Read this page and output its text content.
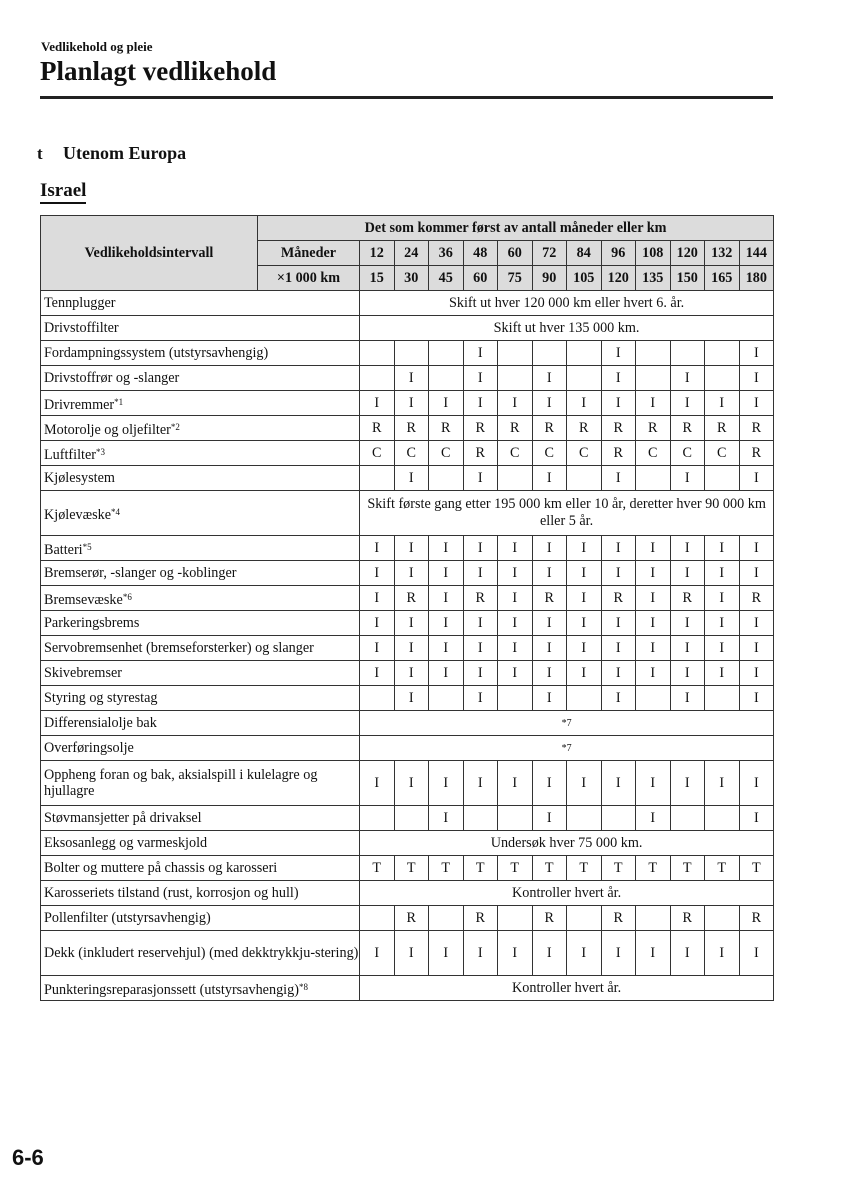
Vedlikehold og pleie
Planlagt vedlikehold
t	Utenom Europa
Israel
Vedlikeholdsintervall	Det som kommer først av antall måneder eller km												
	Måneder	12	24	36	48	60	72	84	96	108	120	132	144
	×1 000 km	15	30	45	60	75	90	105	120	135	150	165	180
Tennplugger		Skift ut hver 120 000 km eller hvert 6. år.											
Drivstoffilter		Skift ut hver 135 000 km.											
Fordampningssystem (utstyrsavhengig)					I				I				I
Drivstoffrør og -slanger			I		I		I		I		I		I
Drivremmer$^{*1}$		I	I	I	I	I	I	I	I	I	I	I	I
Motorolje og oljefilter$^{*2}$		R	R	R	R	R	R	R	R	R	R	R	R
Luftfilter$^{*3}$		C	C	C	R	C	C	C	R	C	C	C	R
Kjølesystem			I		I		I		I		I		I
Kjølevæske$^{*4}$		Skift første gang etter 195 000 km eller 10 år, deretter hver 90 000 km eller 5 år.											
Batteri$^{*5}$		I	I	I	I	I	I	I	I	I	I	I	I
Bremserør, -slanger og -koblinger		I	I	I	I	I	I	I	I	I	I	I	I
Bremsevæske$^{*6}$		I	R	I	R	I	R	I	R	I	R	I	R
Parkeringsbrems		I	I	I	I	I	I	I	I	I	I	I	I
Servobremsenhet (bremseforsterker) og slanger		I	I	I	I	I	I	I	I	I	I	I	I
Skivebremser		I	I	I	I	I	I	I	I	I	I	I	I
Styring og styrestag			I		I		I		I		I		I
Differensialolje bak		*7											
Overføringsolje		*7											
Oppheng foran og bak, aksialspill i kulelagre og hjullagre		I	I	I	I	I	I	I	I	I	I	I	I
Støvmansjetter på drivaksel				I			I			I			I
Eksosanlegg og varmeskjold		Undersøk hver 75 000 km.											
Bolter og muttere på chassis og karosseri		T	T	T	T	T	T	T	T	T	T	T	T
Karosseriets tilstand (rust, korrosjon og hull)		Kontroller hvert år.											
Pollenfilter (utstyrsavhengig)			R		R		R		R		R		R
Dekk (inkludert reservehjul) (med dekktrykkju-stering)		I	I	I	I	I	I	I	I	I	I	I	I
Punkteringsreparasjonssett (utstyrsavhengig)$^{*8}$		Kontroller hvert år.											
6-6
